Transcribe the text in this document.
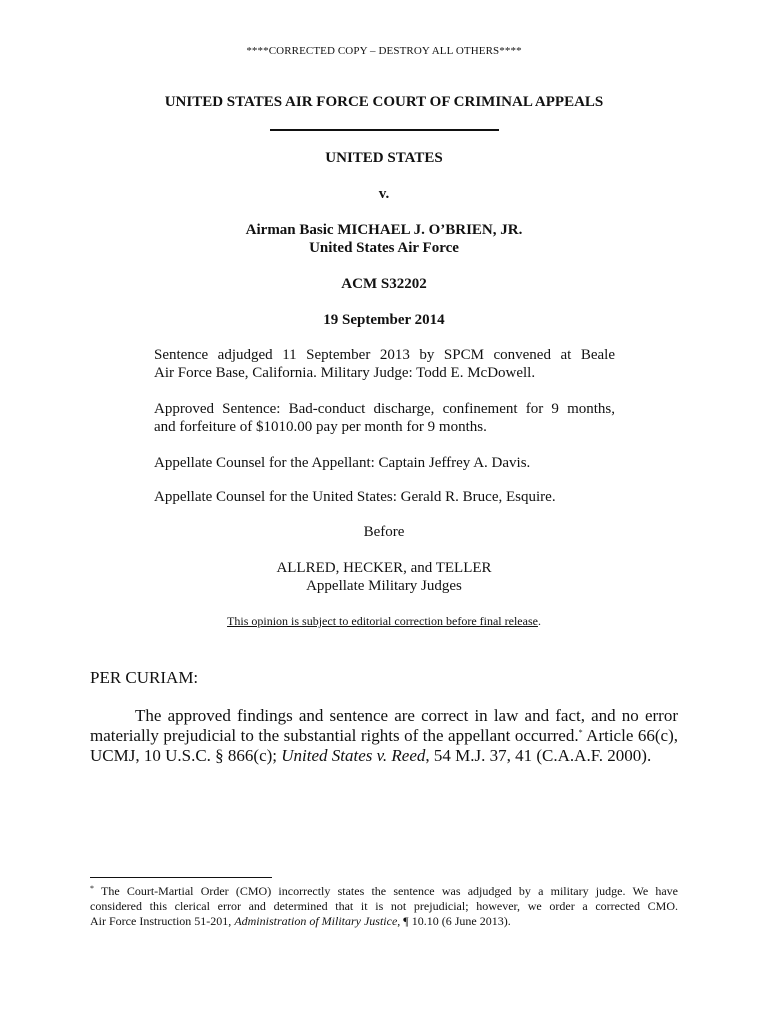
****CORRECTED COPY – DESTROY ALL OTHERS****
UNITED STATES AIR FORCE COURT OF CRIMINAL APPEALS
UNITED STATES
v.
Airman Basic MICHAEL J. O’BRIEN, JR.
United States Air Force
ACM S32202
19 September 2014
Sentence adjudged 11 September 2013 by SPCM convened at Beale
Air Force Base, California. Military Judge: Todd E. McDowell.
Approved Sentence: Bad-conduct discharge, confinement for 9 months,
and forfeiture of $1010.00 pay per month for 9 months.
Appellate Counsel for the Appellant: Captain Jeffrey A. Davis.
Appellate Counsel for the United States: Gerald R. Bruce, Esquire.
Before
ALLRED, HECKER, and TELLER
Appellate Military Judges
This opinion is subject to editorial correction before final release.
PER CURIAM:
The approved findings and sentence are correct in law and fact, and no error
materially prejudicial to the substantial rights of the appellant occurred.* Article 66(c),
UCMJ, 10 U.S.C. § 866(c); United States v. Reed, 54 M.J. 37, 41 (C.A.A.F. 2000).
* The Court-Martial Order (CMO) incorrectly states the sentence was adjudged by a military judge. We have
considered this clerical error and determined that it is not prejudicial; however, we order a corrected CMO.
Air Force Instruction 51-201, Administration of Military Justice, ¶ 10.10 (6 June 2013).
